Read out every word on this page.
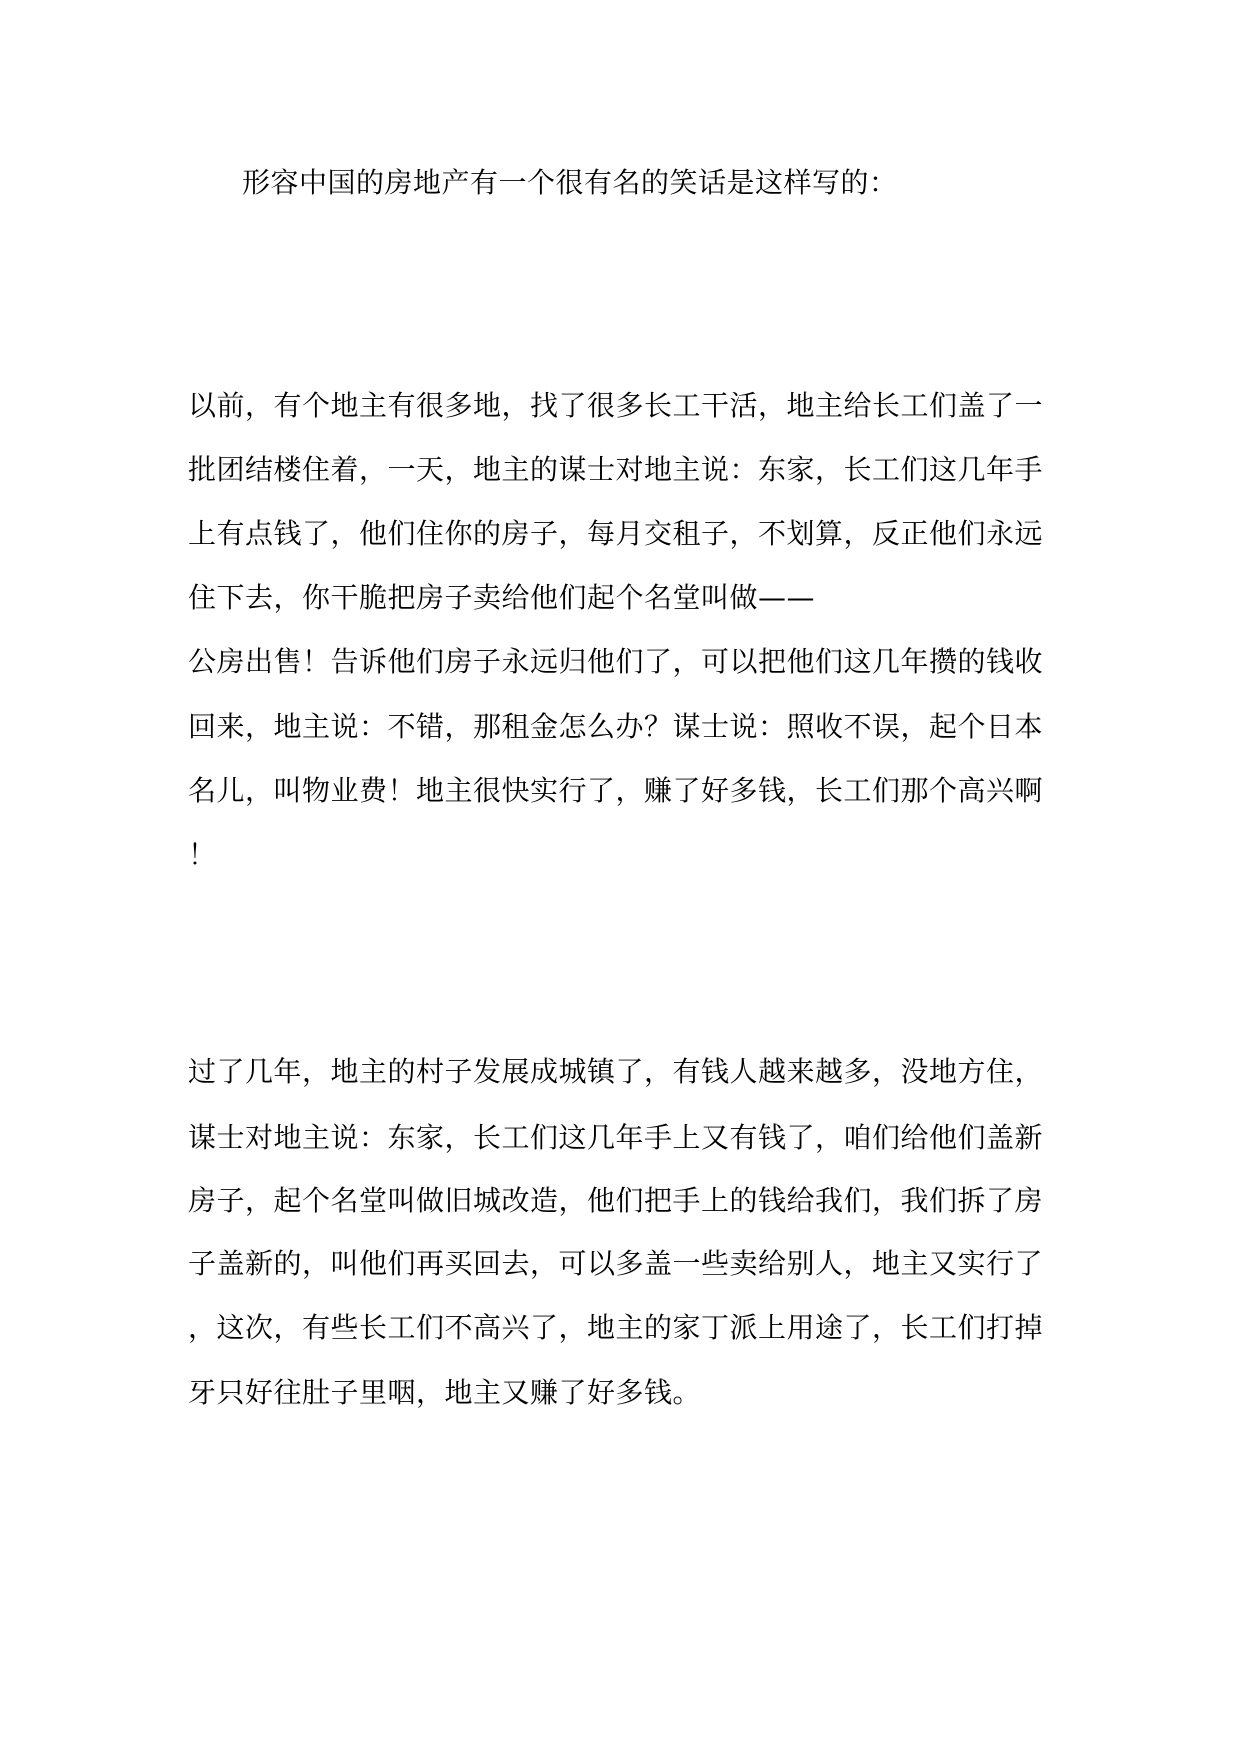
形容中国的房地产有一个很有名的笑话是这样写的：
以前，有个地主有很多地，找了很多长工干活，地主给长工们盖了一
批团结楼住着，一天，地主的谋士对地主说：东家，长工们这几年手
上有点钱了，他们住你的房子，每月交租子，不划算，反正他们永远
住下去，你干脆把房子卖给他们起个名堂叫做——
公房出售！告诉他们房子永远归他们了，可以把他们这几年攒的钱收
回来，地主说：不错，那租金怎么办？谋士说：照收不误，起个日本
名儿，叫物业费！地主很快实行了，赚了好多钱，长工们那个高兴啊
！
过了几年，地主的村子发展成城镇了，有钱人越来越多，没地方住，
谋士对地主说：东家，长工们这几年手上又有钱了，咱们给他们盖新
房子，起个名堂叫做旧城改造，他们把手上的钱给我们，我们拆了房
子盖新的，叫他们再买回去，可以多盖一些卖给别人，地主又实行了
，这次，有些长工们不高兴了，地主的家丁派上用途了，长工们打掉
牙只好往肚子里咽，地主又赚了好多钱。
